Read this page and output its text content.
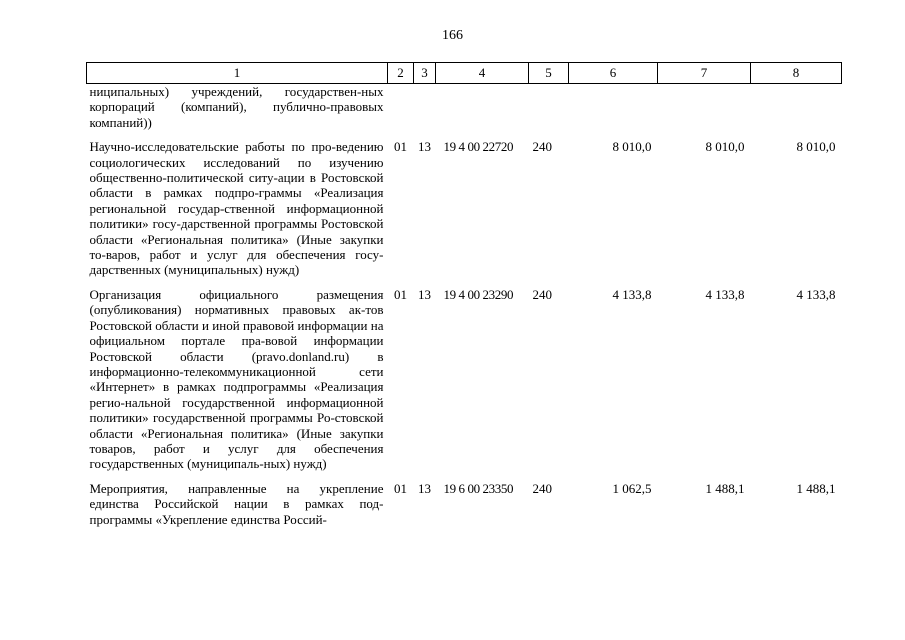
166
1	2	3	4	5	6	7	8
ниципальных) учреждений, государствен-ных корпораций (компаний), публично-правовых компаний))							
Научно-исследовательские работы по про-ведению социологических исследований по изучению общественно-политической ситу-ации в Ростовской области в рамках подпро-граммы «Реализация региональной государ-ственной информационной политики» госу-дарственной программы Ростовской области «Региональная политика» (Иные закупки то-варов, работ и услуг для обеспечения госу-дарственных (муниципальных) нужд)	01	13	19 4 00 22720	240	8 010,0	8 010,0	8 010,0
Организация официального размещения (опубликования) нормативных правовых ак-тов Ростовской области и иной правовой информации на официальном портале пра-вовой информации Ростовской области (pravo.donland.ru) в информационно-телекоммуникационной сети «Интернет» в рамках подпрограммы «Реализация регио-нальной государственной информационной политики» государственной программы Ро-стовской области «Региональная политика» (Иные закупки товаров, работ и услуг для обеспечения государственных (муниципаль-ных) нужд)	01	13	19 4 00 23290	240	4 133,8	4 133,8	4 133,8
Мероприятия, направленные на укрепление единства Российской нации в рамках под-программы «Укрепление единства Россий-	01	13	19 6 00 23350	240	1 062,5	1 488,1	1 488,1
